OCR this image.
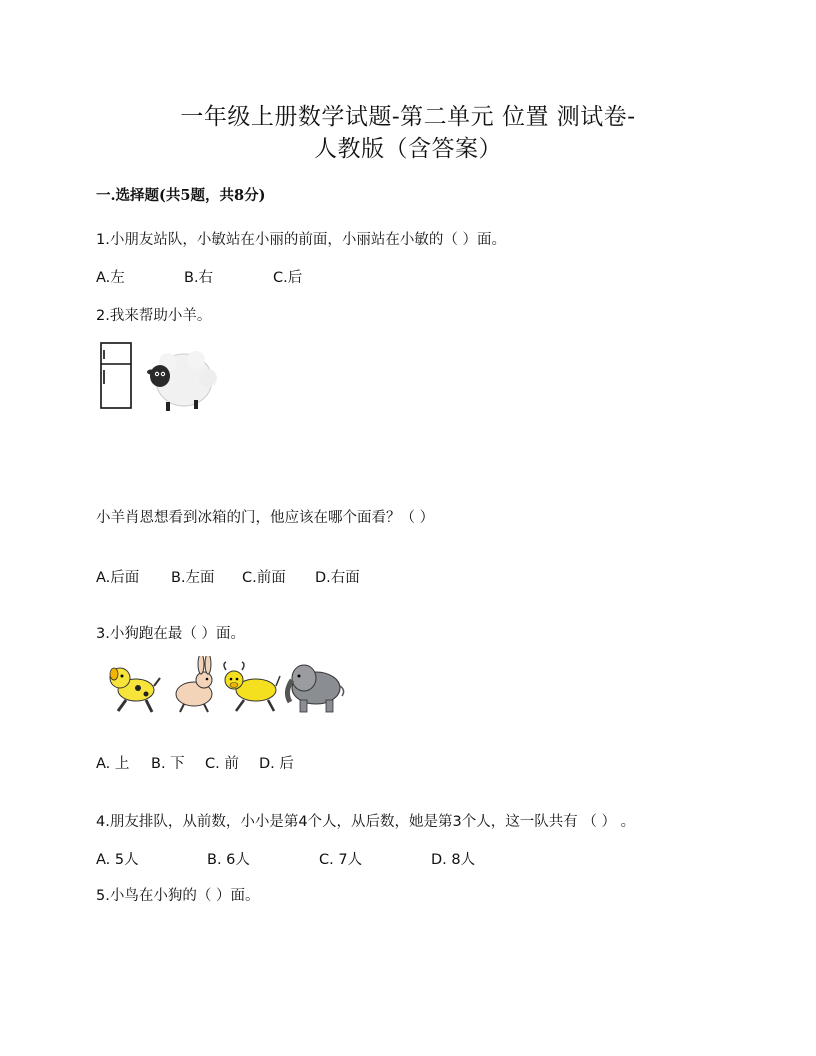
一年级上册数学试题-第二单元 位置 测试卷-
人教版（含答案）
一.选择题(共5题，共8分)
1.小朋友站队，小敏站在小丽的前面，小丽站在小敏的（ ）面。
A.左	B.右	C.后
2.我来帮助小羊。
小羊肖恩想看到冰箱的门，他应该在哪个面看？（ ）
A.后面 B.左面 C.前面 D.右面
3.小狗跑在最（ ）面。
A. 上 B. 下 C. 前 D. 后
4.朋友排队，从前数，小小是第4个人，从后数，她是第3个人，这一队共有 （ ） 。
A. 5人	B. 6人	C. 7人	D. 8人
5.小鸟在小狗的（ ）面。
